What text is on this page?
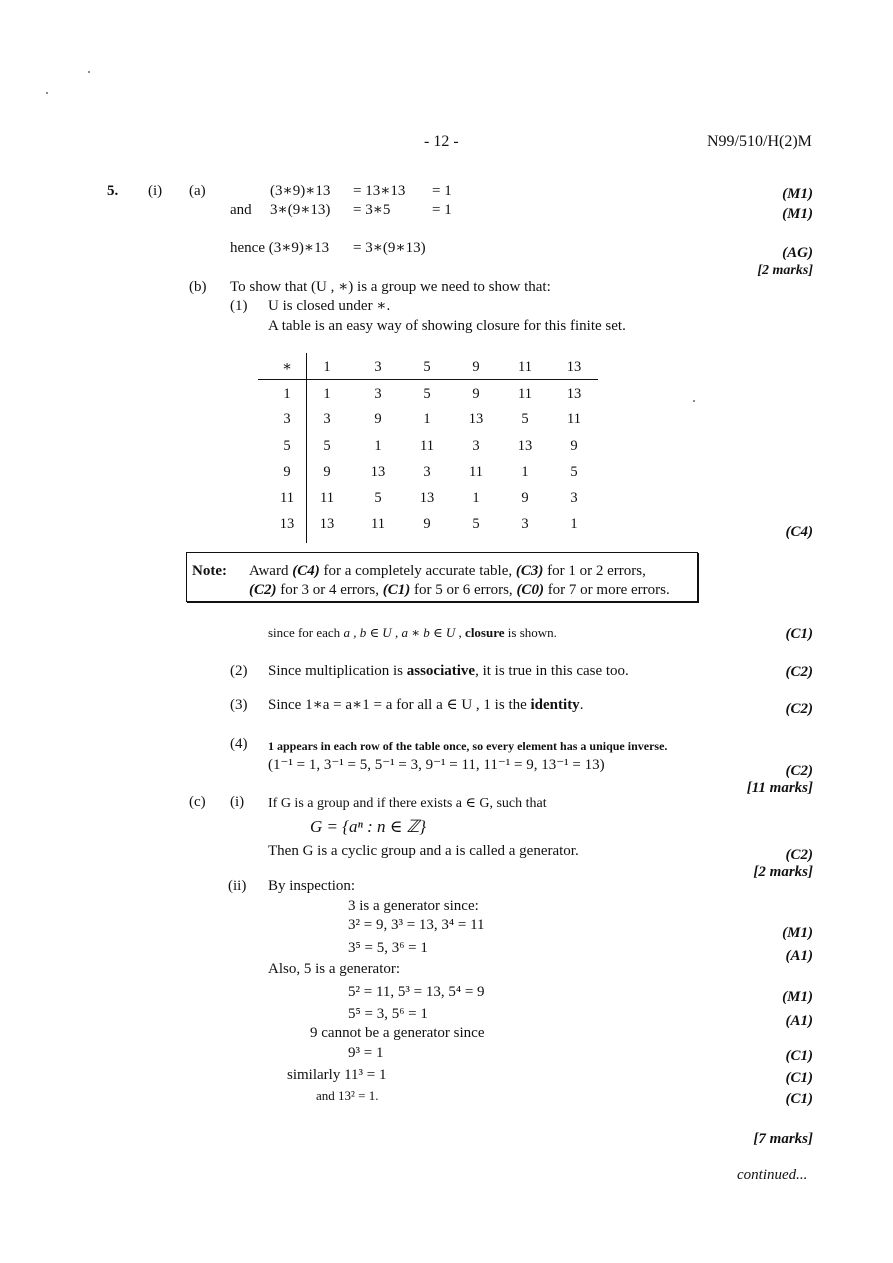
- 12 -	N99/510/H(2)M
5. (i) (a)	(3∗9)∗13 = 13∗13 = 1	(M1)
and 3∗(9∗13) = 3∗5	= 1	(M1)
hence (3∗9)∗13 = 3∗(9∗13)	(AG)
[2 marks]
(b) To show that (U , ∗) is a group we need to show that:
(1) U is closed under ∗.
A table is an easy way of showing closure for this finite set.
∗	1	3	5	9	11	13
1	1	3	5	9	11	13
3	3	9	1	13	5	11
5	5	1	11	3	13	9
9	9	13	3	11	1	5
11	11	5	13	1	9	3
13	13	11	9	5	3	1	(C4)
Note: Award (C4) for a completely accurate table, (C3) for 1 or 2 errors,
(C2) for 3 or 4 errors, (C1) for 5 or 6 errors, (C0) for 7 or more errors.
since for each a , b ∈ U , a ∗ b ∈ U , closure is shown.	(C1)
(2) Since multiplication is associative, it is true in this case too.	(C2)
(3) Since 1∗a = a∗1 = a for all a ∈ U , 1 is the identity.	(C2)
(4) 1 appears in each row of the table once, so every element has a unique inverse.
(1⁻¹ = 1, 3⁻¹ = 5, 5⁻¹ = 3, 9⁻¹ = 11, 11⁻¹ = 9, 13⁻¹ = 13)	(C2)
[11 marks]
(c) (i) If G is a group and if there exists a ∈ G, such that
G = {aⁿ : n ∈ ℤ}
Then G is a cyclic group and a is called a generator.	(C2)
[2 marks]
(ii) By inspection:
3 is a generator since:
3² = 9, 3³ = 13, 3⁴ = 11	(M1)
3⁵ = 5, 3⁶ = 1	(A1)
Also, 5 is a generator:
5² = 11, 5³ = 13, 5⁴ = 9	(M1)
5⁵ = 3, 5⁶ = 1	(A1)
9 cannot be a generator since
9³ = 1	(C1)
similarly 11³ = 1	(C1)
and 13² = 1.	(C1)
[7 marks]
continued...
